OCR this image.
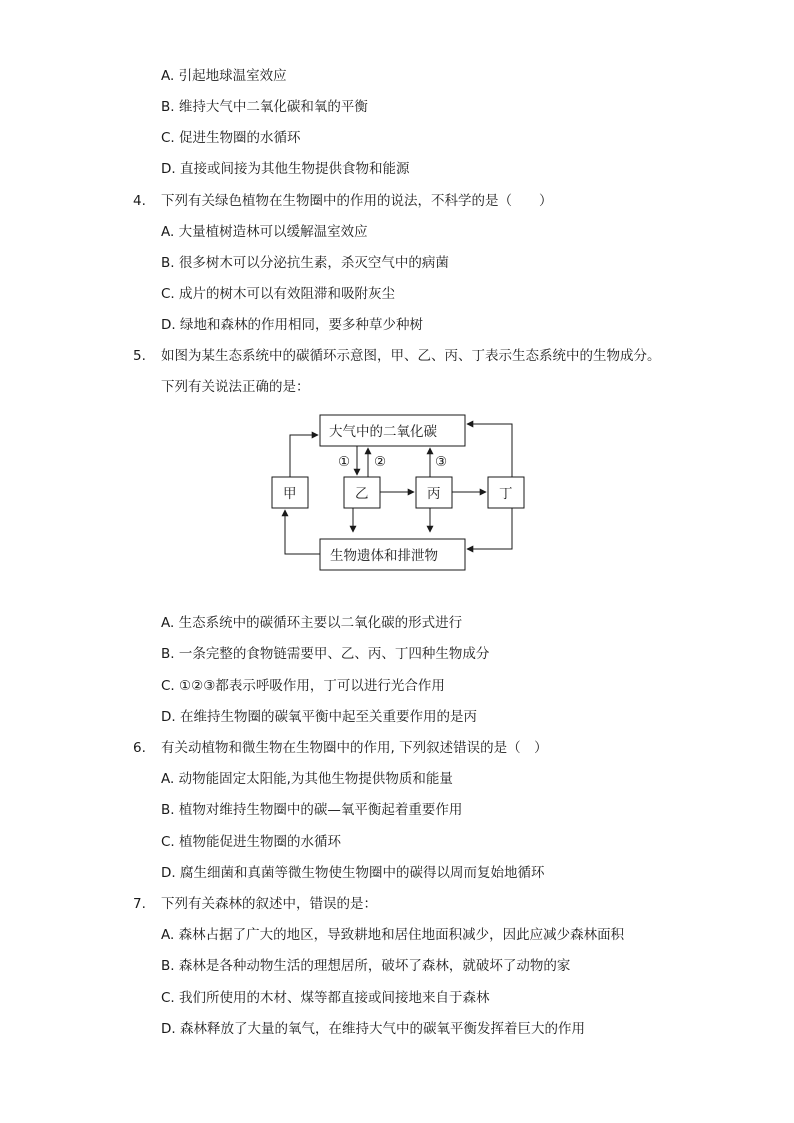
A. 引起地球温室效应
B. 维持大气中二氧化碳和氧的平衡
C. 促进生物圈的水循环
D. 直接或间接为其他生物提供食物和能源
4. 下列有关绿色植物在生物圈中的作用的说法，不科学的是（　　）
A. 大量植树造林可以缓解温室效应
B. 很多树木可以分泌抗生素，杀灭空气中的病菌
C. 成片的树木可以有效阻滞和吸附灰尘
D. 绿地和森林的作用相同，要多种草少种树
5. 如图为某生态系统中的碳循环示意图，甲、乙、丙、丁表示生态系统中的生物成分。
下列有关说法正确的是：
大气中的二氧化碳
生物遗体和排泄物
甲	乙	丙	丁
① ②	③
A. 生态系统中的碳循环主要以二氧化碳的形式进行
B. 一条完整的食物链需要甲、乙、丙、丁四种生物成分
C. ①②③都表示呼吸作用，丁可以进行光合作用
D. 在维持生物圈的碳氧平衡中起至关重要作用的是丙
6. 有关动植物和微生物在生物圈中的作用, 下列叙述错误的是（　）
A. 动物能固定太阳能,为其他生物提供物质和能量
B. 植物对维持生物圈中的碳—氧平衡起着重要作用
C. 植物能促进生物圈的水循环
D. 腐生细菌和真菌等微生物使生物圈中的碳得以周而复始地循环
7. 下列有关森林的叙述中，错误的是：
A. 森林占据了广大的地区，导致耕地和居住地面积减少，因此应减少森林面积
B. 森林是各种动物生活的理想居所，破坏了森林，就破坏了动物的家
C. 我们所使用的木材、煤等都直接或间接地来自于森林
D. 森林释放了大量的氧气，在维持大气中的碳氧平衡发挥着巨大的作用
